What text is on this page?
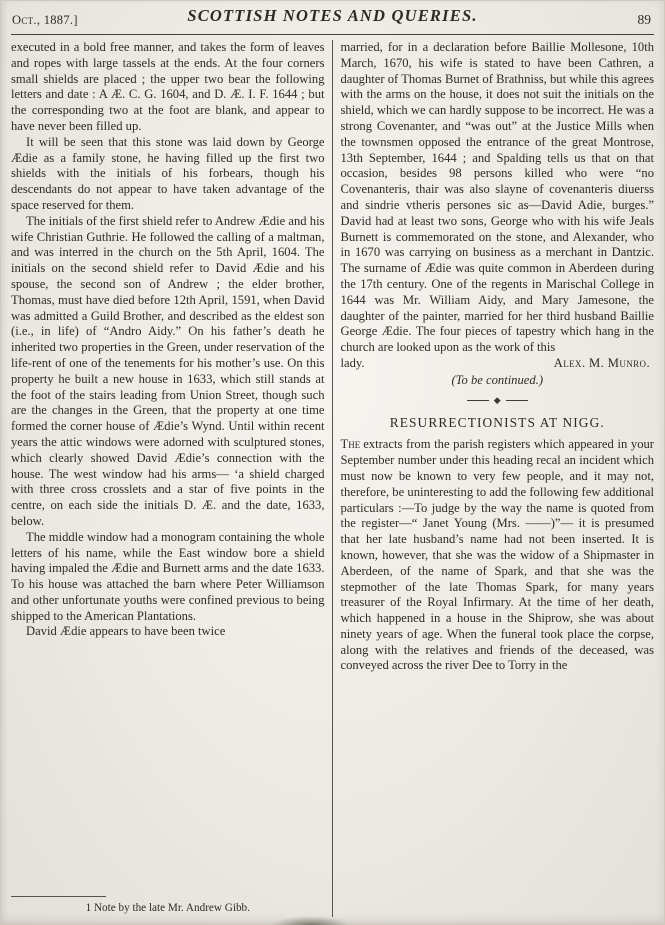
Oct., 1887.]	SCOTTISH NOTES AND QUERIES.	89

executed in a bold free manner, and takes the form of leaves and ropes with large tassels at the ends. At the four corners small shields are placed ; the upper two bear the following letters and date : A Æ. C. G. 1604, and D. Æ. I. F. 1644 ; but the corresponding two at the foot are blank, and appear to have never been filled up.

It will be seen that this stone was laid down by George Ædie as a family stone, he having filled up the first two shields with the initials of his forbears, though his descendants do not appear to have taken advantage of the space reserved for them.

The initials of the first shield refer to Andrew Ædie and his wife Christian Guthrie. He followed the calling of a maltman, and was interred in the church on the 5th April, 1604. The initials on the second shield refer to David Ædie and his spouse, the second son of Andrew ; the elder brother, Thomas, must have died before 12th April, 1591, when David was admitted a Guild Brother, and described as the eldest son (i.e., in life) of “Andro Aidy.” On his father’s death he inherited two properties in the Green, under reservation of the life-rent of one of the tenements for his mother’s use. On this property he built a new house in 1633, which still stands at the foot of the stairs leading from Union Street, though such are the changes in the Green, that the property at one time formed the corner house of Ædie’s Wynd. Until within recent years the attic windows were adorned with sculptured stones, which clearly showed David Ædie’s connection with the house. The west window had his arms— ‘a shield charged with three cross crosslets and a star of five points in the centre, on each side the initials D. Æ. and the date, 1633, below.

The middle window had a monogram containing the whole letters of his name, while the East window bore a shield having impaled the Ædie and Burnett arms and the date 1633. To his house was attached the barn where Peter Williamson and other unfortunate youths were confined previous to being shipped to the American Plantations.

David Ædie appears to have been twice

1 Note by the late Mr. Andrew Gibb.

married, for in a declaration before Baillie Mollesone, 10th March, 1670, his wife is stated to have been Cathren, a daughter of Thomas Burnet of Brathniss, but while this agrees with the arms on the house, it does not suit the initials on the shield, which we can hardly suppose to be incorrect. He was a strong Covenanter, and “was out” at the Justice Mills when the townsmen opposed the entrance of the great Montrose, 13th September, 1644 ; and Spalding tells us that on that occasion, besides 98 persons killed who were “no Covenanteris, thair was also slayne of covenanteris diuerss and sindrie vtheris persones sic as—David Adie, burges.” David had at least two sons, George who with his wife Jeals Burnett is commemorated on the stone, and Alexander, who in 1670 was carrying on business as a merchant in Dantzic. The surname of Ædie was quite common in Aberdeen during the 17th century. One of the regents in Marischal College in 1644 was Mr. William Aidy, and Mary Jamesone, the daughter of the painter, married for her third husband Baillie George Ædie. The four pieces of tapestry which hang in the church are looked upon as the work of this

lady.	Alex. M. Munro.
(To be continued.)
◆
RESURRECTIONISTS AT NIGG.

The extracts from the parish registers which appeared in your September number under this heading recal an incident which must now be known to very few people, and it may not, therefore, be uninteresting to add the following few additional particulars :—To judge by the way the name is quoted from the register—“ Janet Young (Mrs. ——)”— it is presumed that her late husband’s name had not been inserted. It is known, however, that she was the widow of a Shipmaster in Aberdeen, of the name of Spark, and that she was the stepmother of the late Thomas Spark, for many years treasurer of the Royal Infirmary. At the time of her death, which happened in a house in the Shiprow, she was about ninety years of age. When the funeral took place the corpse, along with the relatives and friends of the deceased, was conveyed across the river Dee to Torry in the
